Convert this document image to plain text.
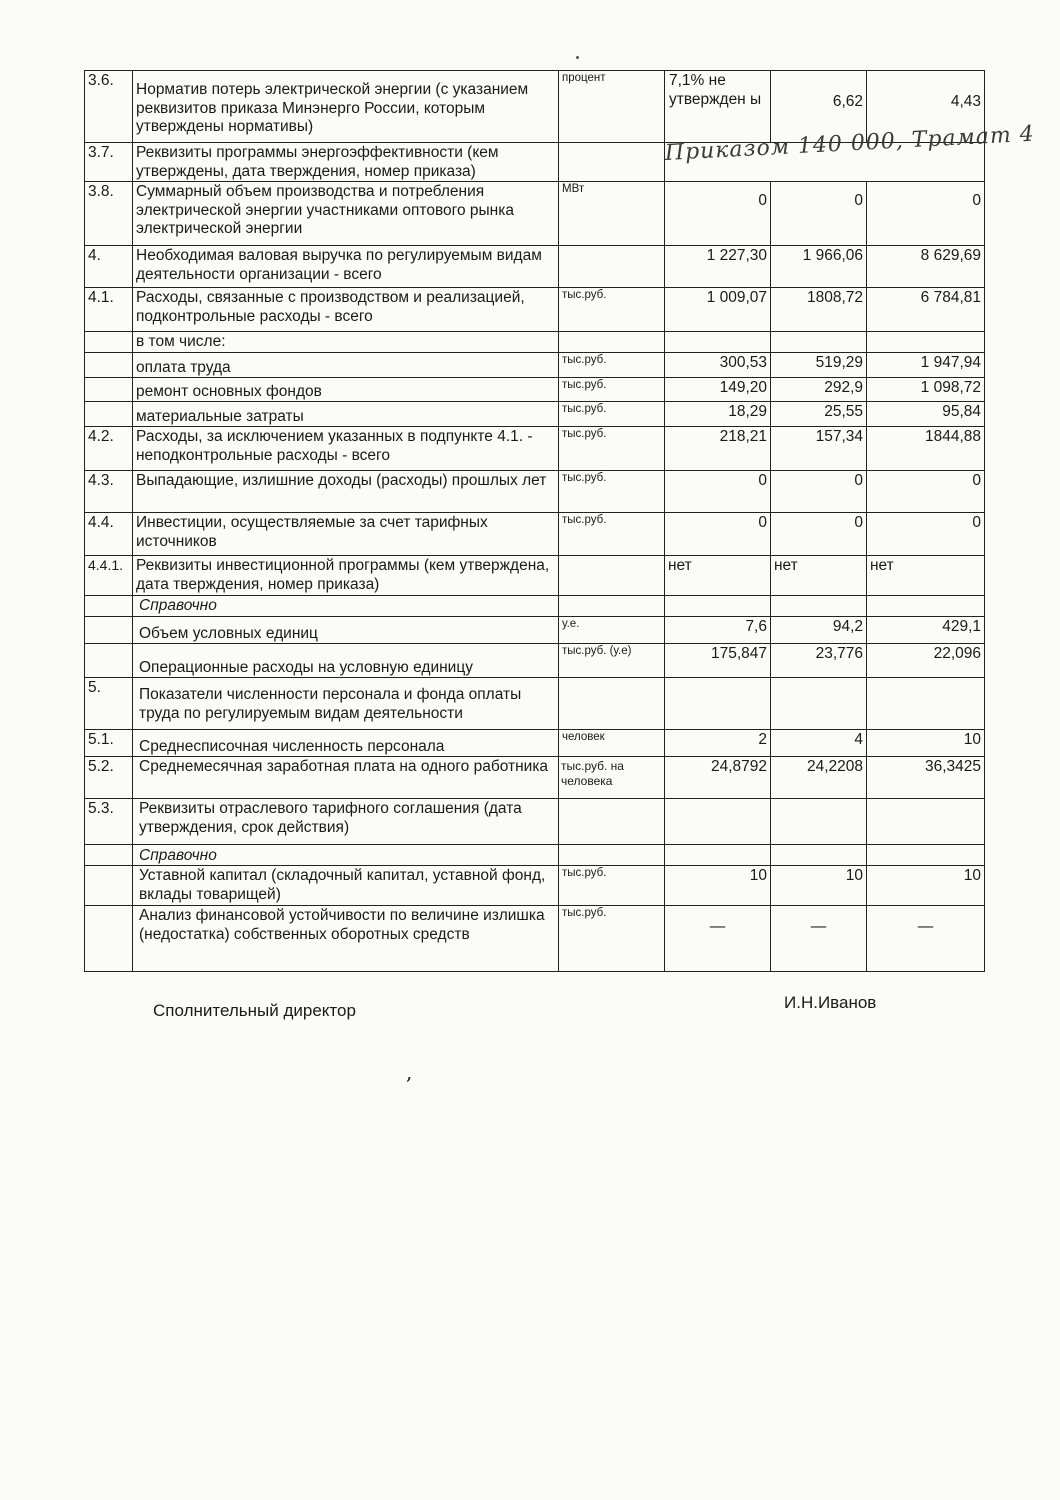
3.6.	Норматив потерь электрической энергии (с указанием реквизитов приказа Минэнерго России, которым утверждены нормативы)	процент	7,1% не утвержден ы	6,62	4,43
3.7.	Реквизиты программы энергоэффективности (кем утверждены, дата тверждения, номер приказа)		Приказом 140 000, Трамат 4		

3.8.	Суммарный объем производства и потребления электрической энергии участниками оптового рынка электрической энергии	МВт	0	0	0
4.	Необходимая валовая выручка по регулируемым видам деятельности организации - всего		1 227,30	1 966,06	8 629,69
4.1.	Расходы, связанные с производством и реализацией, подконтрольные расходы - всего	тыс.руб.	1 009,07	1808,72	6 784,81
	в том числе:				
	оплата труда	тыс.руб.	300,53	519,29	1 947,94
	ремонт основных фондов	тыс.руб.	149,20	292,9	1 098,72
	материальные затраты	тыс.руб.	18,29	25,55	95,84
4.2.	Расходы, за исключением указанных в подпункте 4.1. - неподконтрольные расходы - всего	тыс.руб.	218,21	157,34	1844,88
4.3.	Выпадающие, излишние доходы (расходы) прошлых лет	тыс.руб.	0	0	0
4.4.	Инвестиции, осуществляемые за счет тарифных источников	тыс.руб.	0	0	0
4.4.1.	Реквизиты инвестиционной программы (кем утверждена, дата тверждения, номер приказа)		нет	нет	нет
	Справочно				
	Объем условных единиц	у.е.	7,6	94,2	429,1
	Операционные расходы на условную единицу	тыс.руб. (у.е)	175,847	23,776	22,096
5.	Показатели численности персонала и фонда оплаты труда по регулируемым видам деятельности				
5.1.	Среднесписочная численность персонала	человек	2	4	10
5.2.	Среднемесячная заработная плата на одного работника	тыс.руб. на человека	24,8792	24,2208	36,3425
5.3.	Реквизиты отраслевого тарифного соглашения (дата утверждения, срок действия)				
	Справочно				
	Уставной капитал (складочный капитал, уставной фонд, вклады товарищей)	тыс.руб.	10	10	10
	Анализ финансовой устойчивости по величине излишка (недостатка) собственных оборотных средств	тыс.руб.	—	—	—
Сполнительный директор	И.Н.Иванов
,
